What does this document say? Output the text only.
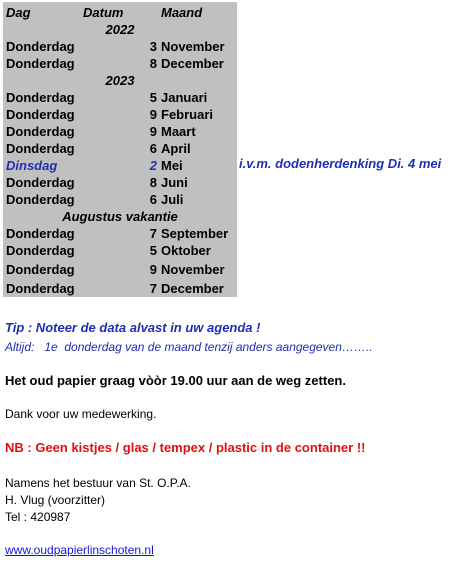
Dag	Datum	Maand
2022
Donderdag	3 November
Donderdag	8 December
2023
Donderdag	5 Januari
Donderdag	9 Februari
Donderdag	9 Maart
Donderdag	6 April
Dinsdag	2 Mei
Donderdag	8 Juni
Donderdag	6 Juli
Augustus vakantie
Donderdag	7 September
Donderdag	5 Oktober
Donderdag	9 November
Donderdag	7 December
i.v.m. dodenherdenking Di. 4 mei
Tip : Noteer de data alvast in uw agenda !
Altijd:   1e  donderdag van de maand tenzij anders aangegeven……..
Het oud papier graag vòòr 19.00 uur aan de weg zetten.
Dank voor uw medewerking.
NB : Geen kistjes / glas / tempex / plastic in de container !!
Namens het bestuur van St. O.P.A.
H. Vlug (voorzitter)
Tel : 420987
www.oudpapierlinschoten.nl
